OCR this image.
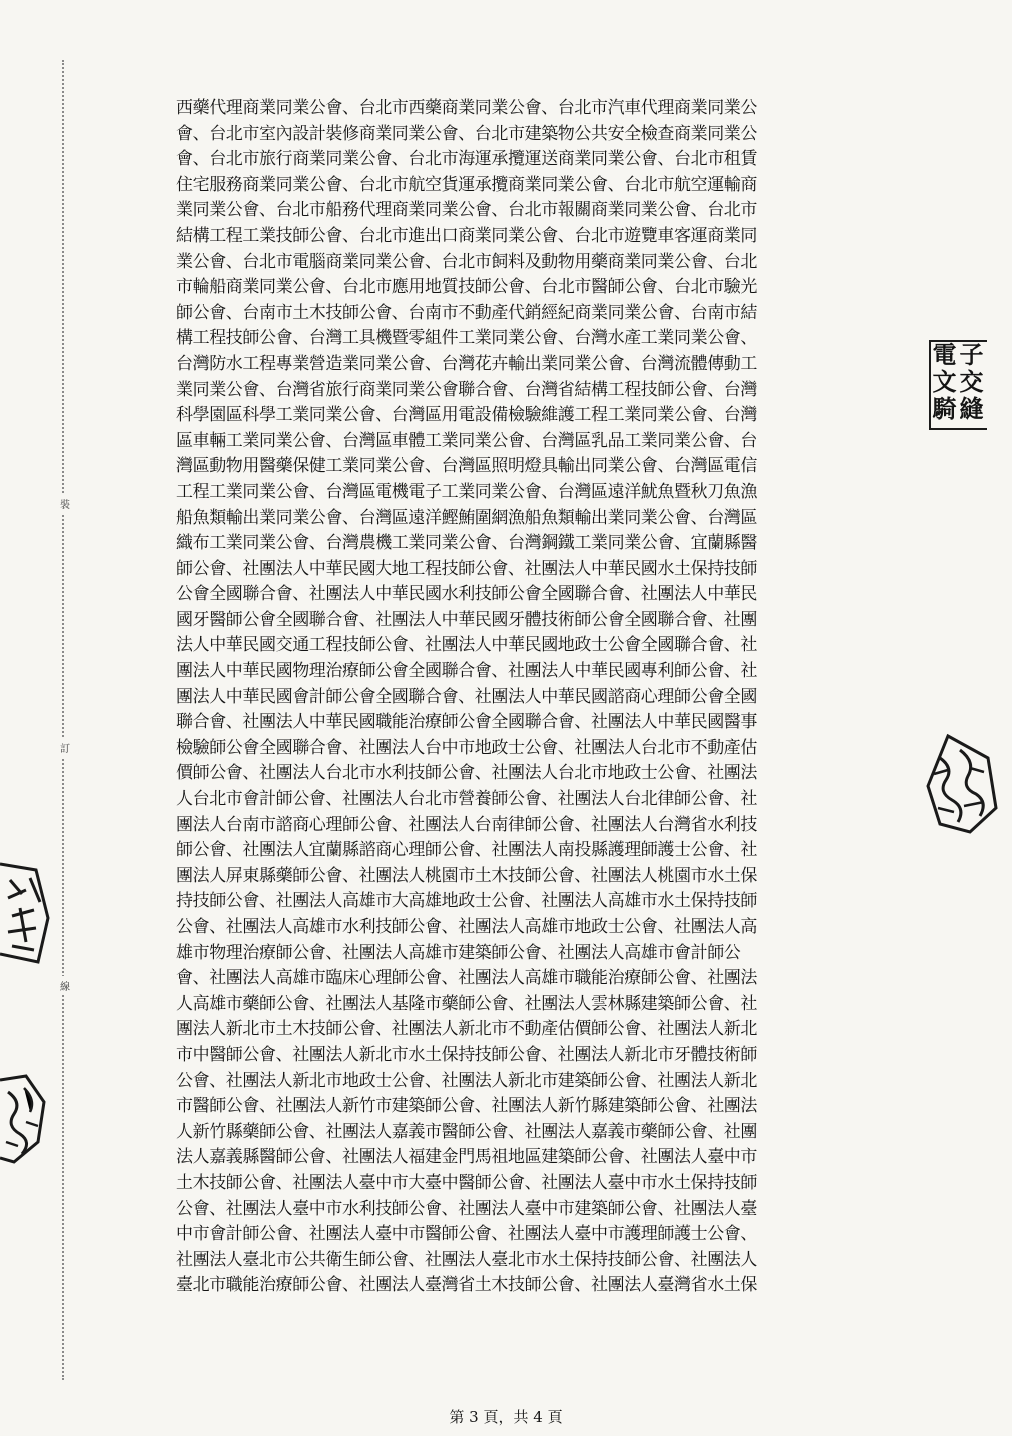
裝
訂
線
西藥代理商業同業公會、台北市西藥商業同業公會、台北市汽車代理商業同業公
會、台北市室內設計裝修商業同業公會、台北市建築物公共安全檢查商業同業公
會、台北市旅行商業同業公會、台北市海運承攬運送商業同業公會、台北市租賃
住宅服務商業同業公會、台北市航空貨運承攬商業同業公會、台北市航空運輸商
業同業公會、台北市船務代理商業同業公會、台北市報關商業同業公會、台北市
結構工程工業技師公會、台北市進出口商業同業公會、台北市遊覽車客運商業同
業公會、台北市電腦商業同業公會、台北市飼料及動物用藥商業同業公會、台北
市輪船商業同業公會、台北市應用地質技師公會、台北市醫師公會、台北市驗光
師公會、台南市土木技師公會、台南市不動產代銷經紀商業同業公會、台南市結
構工程技師公會、台灣工具機暨零組件工業同業公會、台灣水產工業同業公會、
台灣防水工程專業營造業同業公會、台灣花卉輸出業同業公會、台灣流體傳動工
業同業公會、台灣省旅行商業同業公會聯合會、台灣省結構工程技師公會、台灣
科學園區科學工業同業公會、台灣區用電設備檢驗維護工程工業同業公會、台灣
區車輛工業同業公會、台灣區車體工業同業公會、台灣區乳品工業同業公會、台
灣區動物用醫藥保健工業同業公會、台灣區照明燈具輸出同業公會、台灣區電信
工程工業同業公會、台灣區電機電子工業同業公會、台灣區遠洋魷魚暨秋刀魚漁
船魚類輸出業同業公會、台灣區遠洋鰹鮪圍網漁船魚類輸出業同業公會、台灣區
織布工業同業公會、台灣農機工業同業公會、台灣鋼鐵工業同業公會、宜蘭縣醫
師公會、社團法人中華民國大地工程技師公會、社團法人中華民國水土保持技師
公會全國聯合會、社團法人中華民國水利技師公會全國聯合會、社團法人中華民
國牙醫師公會全國聯合會、社團法人中華民國牙體技術師公會全國聯合會、社團
法人中華民國交通工程技師公會、社團法人中華民國地政士公會全國聯合會、社
團法人中華民國物理治療師公會全國聯合會、社團法人中華民國專利師公會、社
團法人中華民國會計師公會全國聯合會、社團法人中華民國諮商心理師公會全國
聯合會、社團法人中華民國職能治療師公會全國聯合會、社團法人中華民國醫事
檢驗師公會全國聯合會、社團法人台中市地政士公會、社團法人台北市不動產估
價師公會、社團法人台北市水利技師公會、社團法人台北市地政士公會、社團法
人台北市會計師公會、社團法人台北市營養師公會、社團法人台北律師公會、社
團法人台南市諮商心理師公會、社團法人台南律師公會、社團法人台灣省水利技
師公會、社團法人宜蘭縣諮商心理師公會、社團法人南投縣護理師護士公會、社
團法人屏東縣藥師公會、社團法人桃園市土木技師公會、社團法人桃園市水土保
持技師公會、社團法人高雄市大高雄地政士公會、社團法人高雄市水土保持技師
公會、社團法人高雄市水利技師公會、社團法人高雄市地政士公會、社團法人高
雄市物理治療師公會、社團法人高雄市建築師公會、社團法人高雄市會計師公
會、社團法人高雄市臨床心理師公會、社團法人高雄市職能治療師公會、社團法
人高雄市藥師公會、社團法人基隆市藥師公會、社團法人雲林縣建築師公會、社
團法人新北市土木技師公會、社團法人新北市不動產估價師公會、社團法人新北
市中醫師公會、社團法人新北市水土保持技師公會、社團法人新北市牙體技術師
公會、社團法人新北市地政士公會、社團法人新北市建築師公會、社團法人新北
市醫師公會、社團法人新竹市建築師公會、社團法人新竹縣建築師公會、社團法
人新竹縣藥師公會、社團法人嘉義市醫師公會、社團法人嘉義市藥師公會、社團
法人嘉義縣醫師公會、社團法人福建金門馬祖地區建築師公會、社團法人臺中市
土木技師公會、社團法人臺中市大臺中醫師公會、社團法人臺中市水土保持技師
公會、社團法人臺中市水利技師公會、社團法人臺中市建築師公會、社團法人臺
中市會計師公會、社團法人臺中市醫師公會、社團法人臺中市護理師護士公會、
社團法人臺北市公共衛生師公會、社團法人臺北市水土保持技師公會、社團法人
臺北市職能治療師公會、社團法人臺灣省土木技師公會、社團法人臺灣省水土保
第 3 頁，共 4 頁
電 子
文 交
騎 縫
